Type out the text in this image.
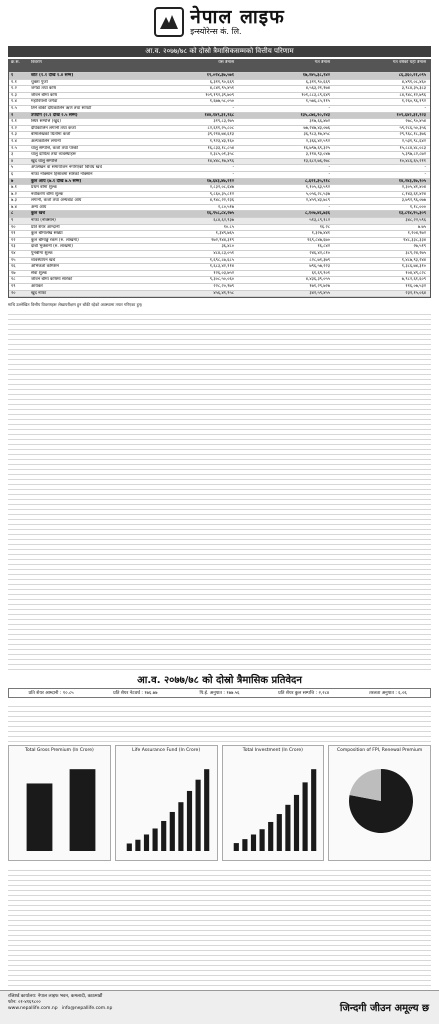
नेपाल लाइफ
इन्स्योरेन्स कं. लि.
आ.व. २०७७/७८ को दोस्रो त्रैमासिकसम्मको वित्तीय परिणाम
क्र.सं.	विवरण	यस त्रैमास	गत त्रैमास	गत वर्षको यही त्रैमास
१	स्रोत (१.१ देखि १.४ सम्म)	१९,०२४,३७,५७१	१७,२४५,३८,९४२	८६,३६०,२१,०९५
१.१	चुक्ता पुँजी	६,३११,९०,६६९	६,३११,९०,६६९	४,४९१,०८,४६०
१.२	जगेडा तथा कोष	४,८४१,९५,४५१	४,५६३,२१,१७४	३,९८४,३५,३८३
१.३	जीवन बीमा कोष	१०९,१९२,३९,७०९	१०१,८८३,८९,६४९	८४,९४८,१२,७९६
१.४	महाविपत्ती जगेडा	१,६७७,५८,०५०	१,५७६,८५,११५	१,२६०,९६,१९२
१.५	तिर्न बाँकी दीर्घकालिन ऋण तथा सापटी	-	-	-
२	उपयोग (२.१ देखि २.५ सम्म)	१४४,१४९,३१,९६८	१३५,८७६,९०,२४३	१०९,६४२,३१,९२३
२.१	स्थिर सम्पत्ति (खुद)	३१९,८३,२७५	३१७,६६,४७२	२७८,९०,४५४
२.२	दीर्घकालिन लगानी तथा कर्जा	८२,६११,२५,८०८	७७,२४७,४३,०७६	५९,२८६,५०,३५६
२.३	बीमालेखको धितोमा कर्जा	३९,२१४,७४,६१३	३६,९८३,१७,४५८	२९,९६८,१८,३७६
२.४	अल्पकालिन लगानी	१,९२३,४३,१६०	२,३६६,४२,५९२	२,५३१,९८,६४२
२.५	चालु सम्पत्ति, कर्जा तथा पेश्की	१६,८३३,१८,८५४	१६,७९७,६९,३२५	१५,८८४,४८,०८३
३	चालु दायित्व तथा व्यवस्थाहरू	२,३८५,०१,३५८	३,११४,९३,०४७	५,३९७,८२,८७२
४	खुद चालु सम्पत्ति	१४,४४८,१७,४९६	१३,६८२,७६,२७८	१०,४८६,६५,२११
५	अपलेखन वा समायोजन नगरिएको विविध खर्च	-	-	-
६	नाफा नोक्सान हिसाबमा सारेको नोक्सान	-	-	-
७	कुल आय (७.१ देखि ७.५ सम्म)	१७,६४३,४७,२१२	८,६२१,३५,९१८	१४,२४३,१७,९०५
७.१	प्रथम बीमा शुल्क	२,८३२,०८,६४७	१,१०५,६३,५९२	२,३०५,४१,४०४
७.२	नवीकरण बीमा शुल्क	९,८६०,३५,८१२	५,०५६,२८,५३७	८,१४३,६१,४२४
७.३	लगानी, कर्जा तथा अन्यबाट आय	४,९४८,२२,२३६	२,४५९,४३,७८९	३,७९२,९६,०७७
७.४	अन्य आय	२,८०,५१७	-	१,१८,०००
८	कुल खर्च	१६,९५८,८४,२७५	८,१०७,४६,७३६	१३,८९४,९५,३०९
९	नाफा (नोक्सान)	६८४,६२,९३७	५१३,८९,१८२	३४८,२२,५९६
१०	प्रति शेयर आम्दानी	१०.८५	१६.२८	७.७५
११	कुल बीमालेख संख्या	१,३४९,७६५	१,३२७,४४१	१,२०४,९७२
१२	कुल बीमाङ्क रकम (रु. लाखमा)	१७२,९४४,३१९	१६९,८४७,६७०	१४८,३३८,३३४
१३	दाबी भुक्तानी (रु. लाखमा)	३६,४८०	१६,८४२	२७,५१९
१४	पुनर्बीमा शुल्क	४८४,८३,०५१	२४६,४२,८१०	३८९,२४,२७५
१५	व्यवस्थापन खर्च	१,६९८,८७,६८५	८२८,७१,३७९	१,४८७,९३,२४४
१६	अभिकर्ता कमिशन	१,६८३,४२,११४	७९६,५७,२२३	१,३८६,७४,३१०
१७	सेवा शुल्क	१२६,०३,७५२	६१,६९,९०१	१०४,४९,८२८
१८	जीवन बीमा कोषमा सारेको	९,३०८,५०,०६०	४,४३६,३९,०५५	७,९८२,६१,६०९
१९	आयकर	२२८,२०,९७९	१७१,२९,७२७	११६,०७,५३२
२०	खुद नाफा	४५६,४१,९५८	३४२,५९,४५५	२३२,१५,०६४
माथि उल्लेखित वित्तीय विवरणहरू लेखापरीक्षण हुन बाँकी रहेको अवस्थामा तयार गरिएका हुन्।
आ.व. २०७७/७८ को दोस्रो त्रैमासिक प्रतिवेदन
प्रति शेयर आम्दानी : १०.८५	प्रति शेयर नेटवर्थ : १७६.७७	पि.ई. अनुपात : १७७.५६	प्रति शेयर कुल सम्पत्ति : २,२८४	तरलता अनुपात : ६.०६
Total Gross Premium (In Crore)	Life Assurance Fund (In Crore)	Total Investment (In Crore)	Composition of FPI, Renewal Premium
रजिष्टर्ड कार्यालय: नेपाल लाइफ भवन, कमलादी, काठमाडौं
फोन: ०१-४१६९८००
www.nepallife.com.np info@nepallife.com.np	जिन्दगी जीउन अमूल्य छ
